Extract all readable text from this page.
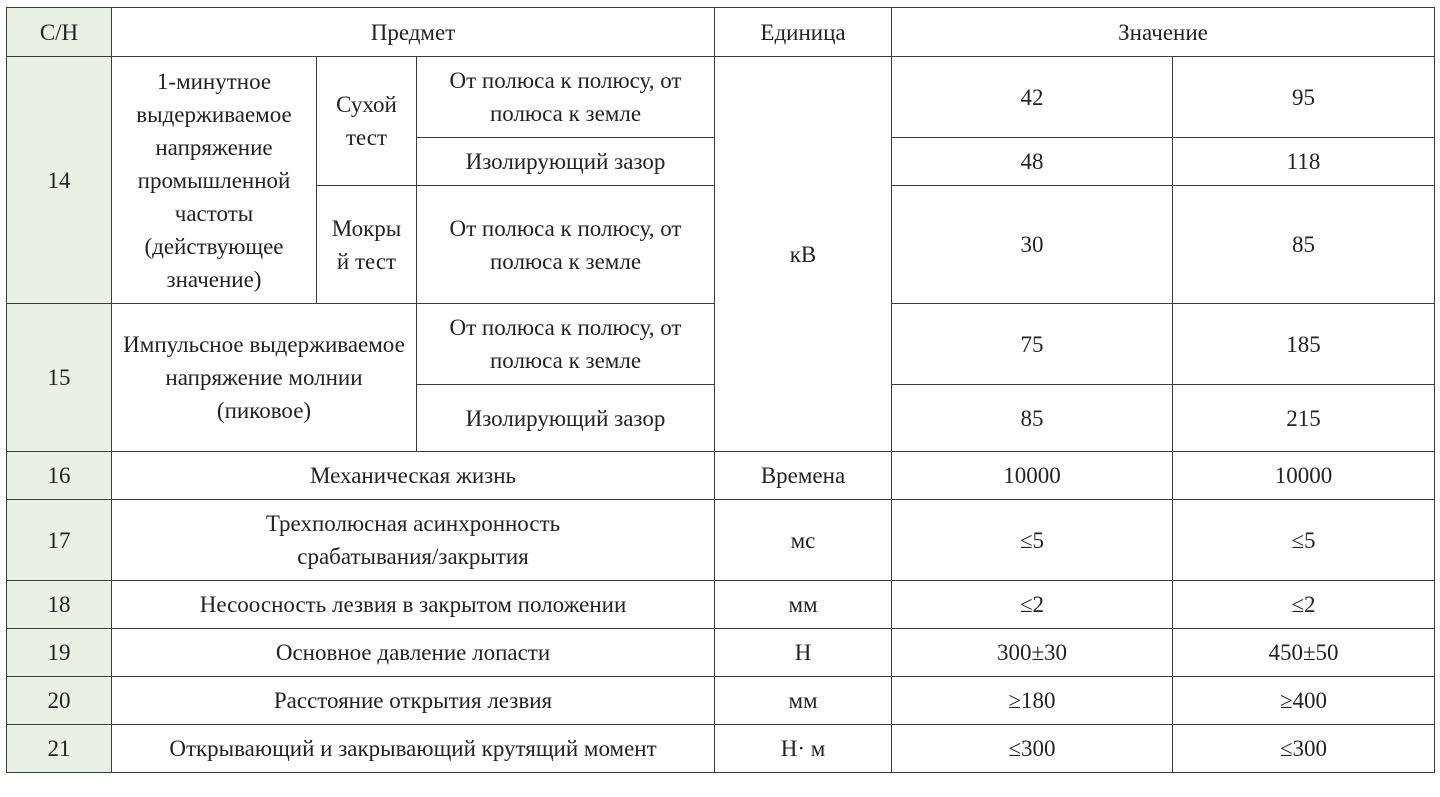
С/Н	Предмет			Единица	Значение	
14	1-минутное выдерживаемое напряжение промышленной частоты (действующее значение)	Сухой тест	От полюса к полюсу, от полюса к земле	кВ	42	95
			Изолирующий зазор		48	118
		Мокры й тест	От полюса к полюсу, от полюса к земле		30	85
15	Импульсное выдерживаемое напряжение молнии (пиковое)		От полюса к полюсу, от полюса к земле		75	185
			Изолирующий зазор		85	215
16	Механическая жизнь			Времена	10000	10000
17	Трехполюсная асинхронность срабатывания/закрытия			мс	≤5	≤5
18	Несоосность лезвия в закрытом положении			мм	≤2	≤2
19	Основное давление лопасти			Н	300±30	450±50
20	Расстояние открытия лезвия			мм	≥180	≥400
21	Открывающий и закрывающий крутящий момент			Н· м	≤300	≤300
